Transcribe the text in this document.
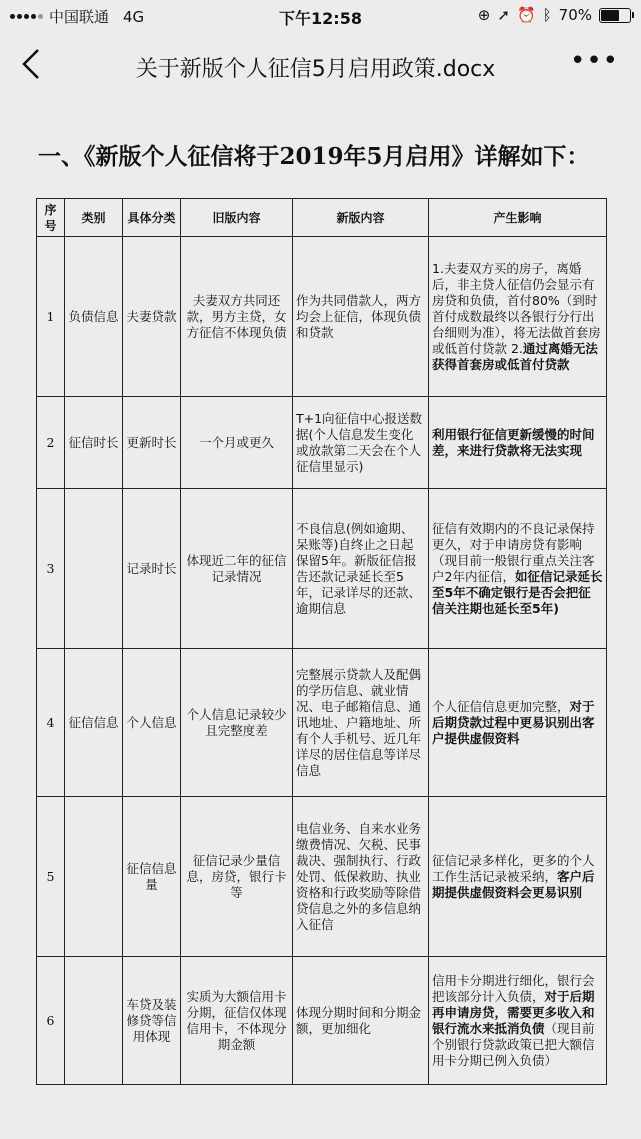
中国联通 4G	下午12:58	⊕ ➚ ⏰ ᛒ 70%
关于新版个人征信5月启用政策.docx	•••
一、《新版个人征信将于2019年5月启用》详解如下：
序号	类别	具体分类	旧版内容	新版内容	产生影响
1	负债信息	夫妻贷款	夫妻双方共同还款，男方主贷，女方征信不体现负债	作为共同借款人，两方均会上征信，体现负债和贷款	1.夫妻双方买的房子，离婚后，非主贷人征信仍会显示有房贷和负债，首付80%（到时首付成数最终以各银行分行出台细则为准），将无法做首套房或低首付贷款 2.通过离婚无法获得首套房或低首付贷款
2	征信时长	更新时长	一个月或更久	T+1向征信中心报送数据(个人信息发生变化或放款第二天会在个人征信里显示)	利用银行征信更新缓慢的时间差，来进行贷款将无法实现
3		记录时长	体现近二年的征信记录情况	不良信息(例如逾期、呆账等)自终止之日起保留5年。新版征信报告还款记录延长至5年，记录详尽的还款、逾期信息	征信有效期内的不良记录保持更久，对于申请房贷有影响（现目前一般银行重点关注客户2年内征信，如征信记录延长至5年不确定银行是否会把征信关注期也延长至5年)
4	征信信息	个人信息	个人信息记录较少且完整度差	完整展示贷款人及配偶的学历信息、就业情况、电子邮箱信息、通讯地址、户籍地址、所有个人手机号、近几年详尽的居住信息等详尽信息	个人征信信息更加完整，对于后期贷款过程中更易识别出客户提供虚假资料
5		征信信息量	征信记录少量信息，房贷，银行卡等	电信业务、自来水业务缴费情况、欠税、民事裁决、强制执行、行政处罚、低保救助、执业资格和行政奖励等除借贷信息之外的多信息纳入征信	征信记录多样化，更多的个人工作生活记录被采纳，客户后期提供虚假资料会更易识别
6		车贷及装修贷等信用体现	实质为大额信用卡分期，征信仅体现信用卡，不体现分期金额	体现分期时间和分期金额，更加细化	信用卡分期进行细化，银行会把该部分计入负债，对于后期再申请房贷，需要更多收入和银行流水来抵消负债（现目前个别银行贷款政策已把大额信用卡分期已例入负债）
